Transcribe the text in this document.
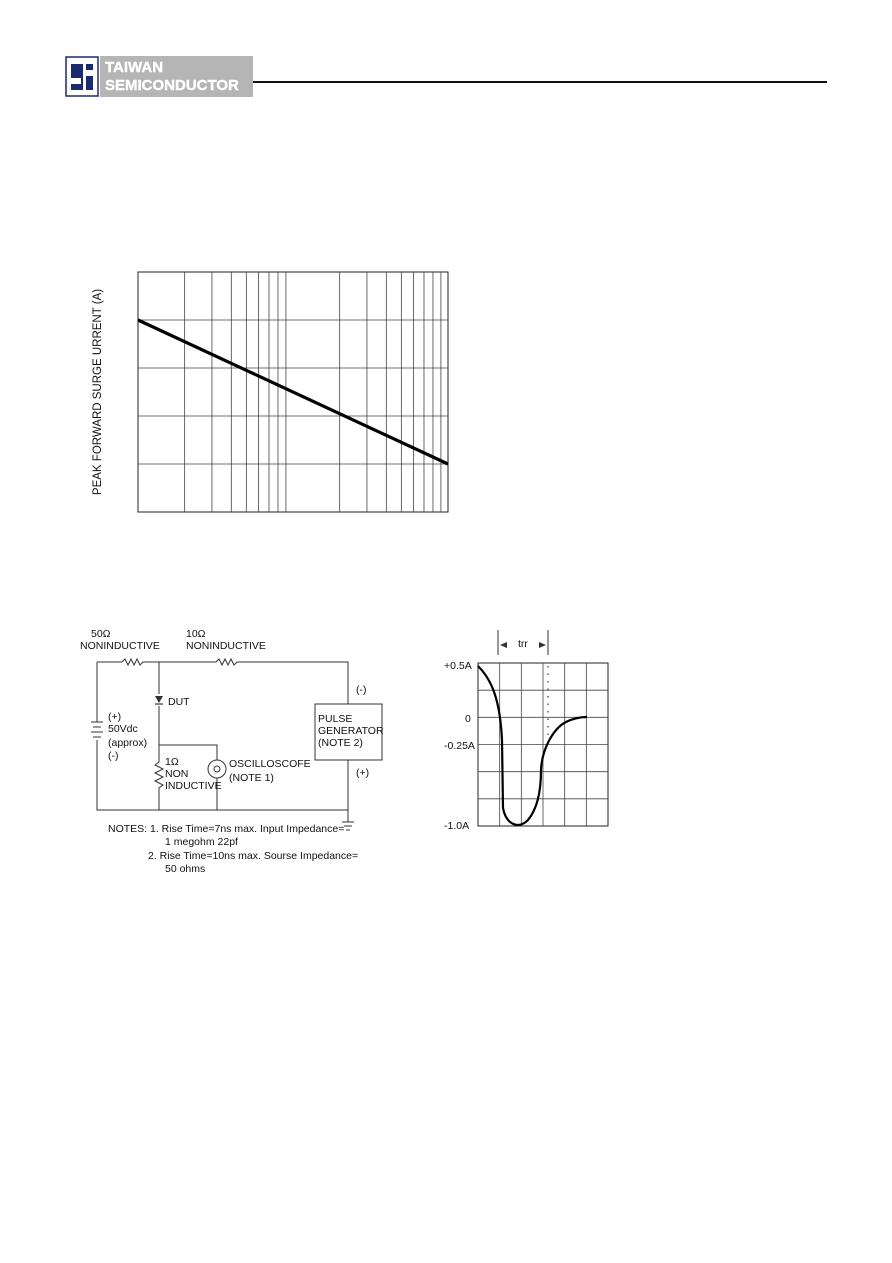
TAIWAN
SEMICONDUCTOR
PEAK FORWARD SURGE URRENT (A)
50Ω
NONINDUCTIVE
10Ω
NONINDUCTIVE
DUT
(+)
50Vdc
(approx)
(-)	1Ω
NON
INDUCTIVE
OSCILLOSCOFE
(NOTE 1)
PULSE
GENERATOR
(NOTE 2)
(-)
(+)
NOTES: 1. Rise Time=7ns max. Input Impedance=
1 megohm 22pf
2. Rise Time=10ns max. Sourse Impedance=
50 ohms
trr
+0.5A
0
-0.25A
-1.0A
